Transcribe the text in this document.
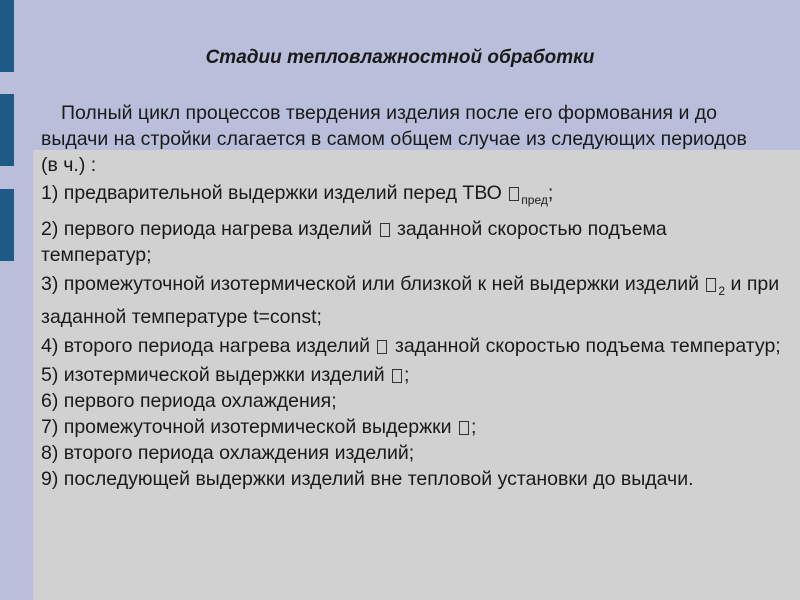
Стадии тепловлажностной обработки
Полный цикл процессов твердения изделия после его формования и до выдачи на стройки слагается в самом общем случае из следующих периодов (в ч.) :
1) предварительной выдержки изделий перед ТВО $_{пред}$;
2) первого периода нагрева изделий  заданной скоростью подъема температур;
3) промежуточной изотермической или близкой к ней выдержки изделий $_2$ и при заданной температуре t=const;
4) второго периода нагрева изделий  заданной скоростью подъема температур;
5) изотермической выдержки изделий ;
6) первого периода охлаждения;
7) промежуточной изотермической выдержки ;
8) второго периода охлаждения изделий;
9) последующей выдержки изделий вне тепловой установки до выдачи.
